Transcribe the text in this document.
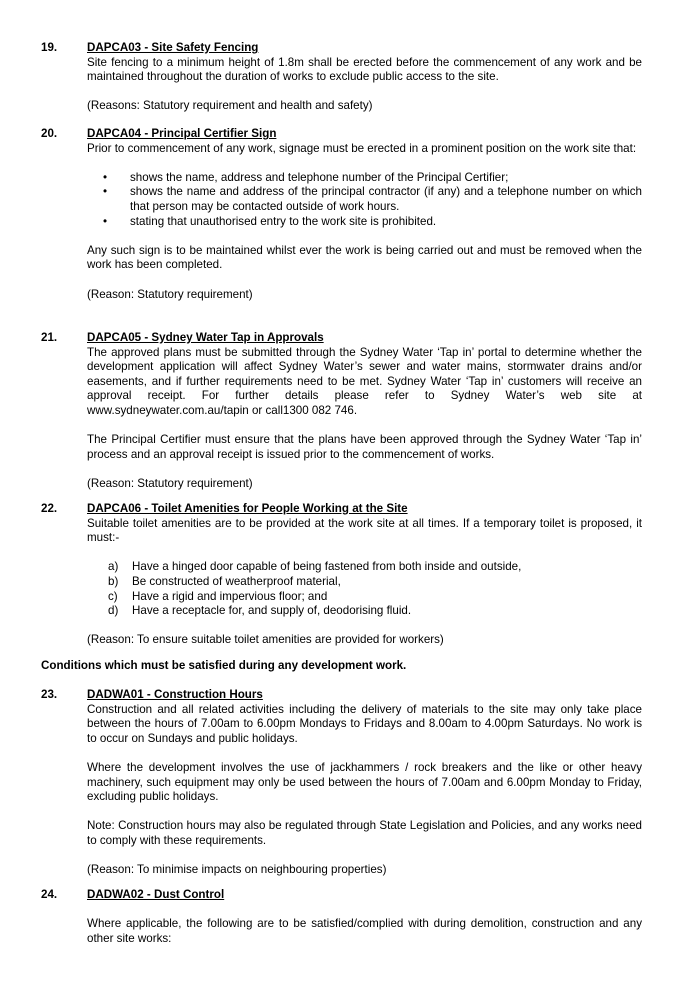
19.	DAPCA03 - Site Safety Fencing

Site fencing to a minimum height of 1.8m shall be erected before the commencement of any work and be maintained throughout the duration of works to exclude public access to the site.

(Reasons: Statutory requirement and health and safety)

20.	DAPCA04 - Principal Certifier Sign

Prior to commencement of any work, signage must be erected in a prominent position on the work site that:

• shows the name, address and telephone number of the Principal Certifier;
• shows the name and address of the principal contractor (if any) and a telephone number on which that person may be contacted outside of work hours.
• stating that unauthorised entry to the work site is prohibited.

Any such sign is to be maintained whilst ever the work is being carried out and must be removed when the work has been completed.

(Reason: Statutory requirement)

21.	DAPCA05 - Sydney Water Tap in Approvals

The approved plans must be submitted through the Sydney Water ‘Tap in’ portal to determine whether the development application will affect Sydney Water’s sewer and water mains, stormwater drains and/or easements, and if further requirements need to be met. Sydney Water ‘Tap in’ customers will receive an approval receipt. For further details please refer to Sydney Water’s web site at www.sydneywater.com.au/tapin or call1300 082 746.

The Principal Certifier must ensure that the plans have been approved through the Sydney Water ‘Tap in’ process and an approval receipt is issued prior to the commencement of works.

(Reason: Statutory requirement)

22.	DAPCA06 - Toilet Amenities for People Working at the Site

Suitable toilet amenities are to be provided at the work site at all times. If a temporary toilet is proposed, it must:-

a) Have a hinged door capable of being fastened from both inside and outside,
b) Be constructed of weatherproof material,
c) Have a rigid and impervious floor; and
d) Have a receptacle for, and supply of, deodorising fluid.

(Reason: To ensure suitable toilet amenities are provided for workers)

Conditions which must be satisfied during any development work.
23.	DADWA01 - Construction Hours

Construction and all related activities including the delivery of materials to the site may only take place between the hours of 7.00am to 6.00pm Mondays to Fridays and 8.00am to 4.00pm Saturdays. No work is to occur on Sundays and public holidays.

Where the development involves the use of jackhammers / rock breakers and the like or other heavy machinery, such equipment may only be used between the hours of 7.00am and 6.00pm Monday to Friday, excluding public holidays.

Note: Construction hours may also be regulated through State Legislation and Policies, and any works need to comply with these requirements.

(Reason: To minimise impacts on neighbouring properties)

24.	DADWA02 - Dust Control

Where applicable, the following are to be satisfied/complied with during demolition, construction and any other site works:
